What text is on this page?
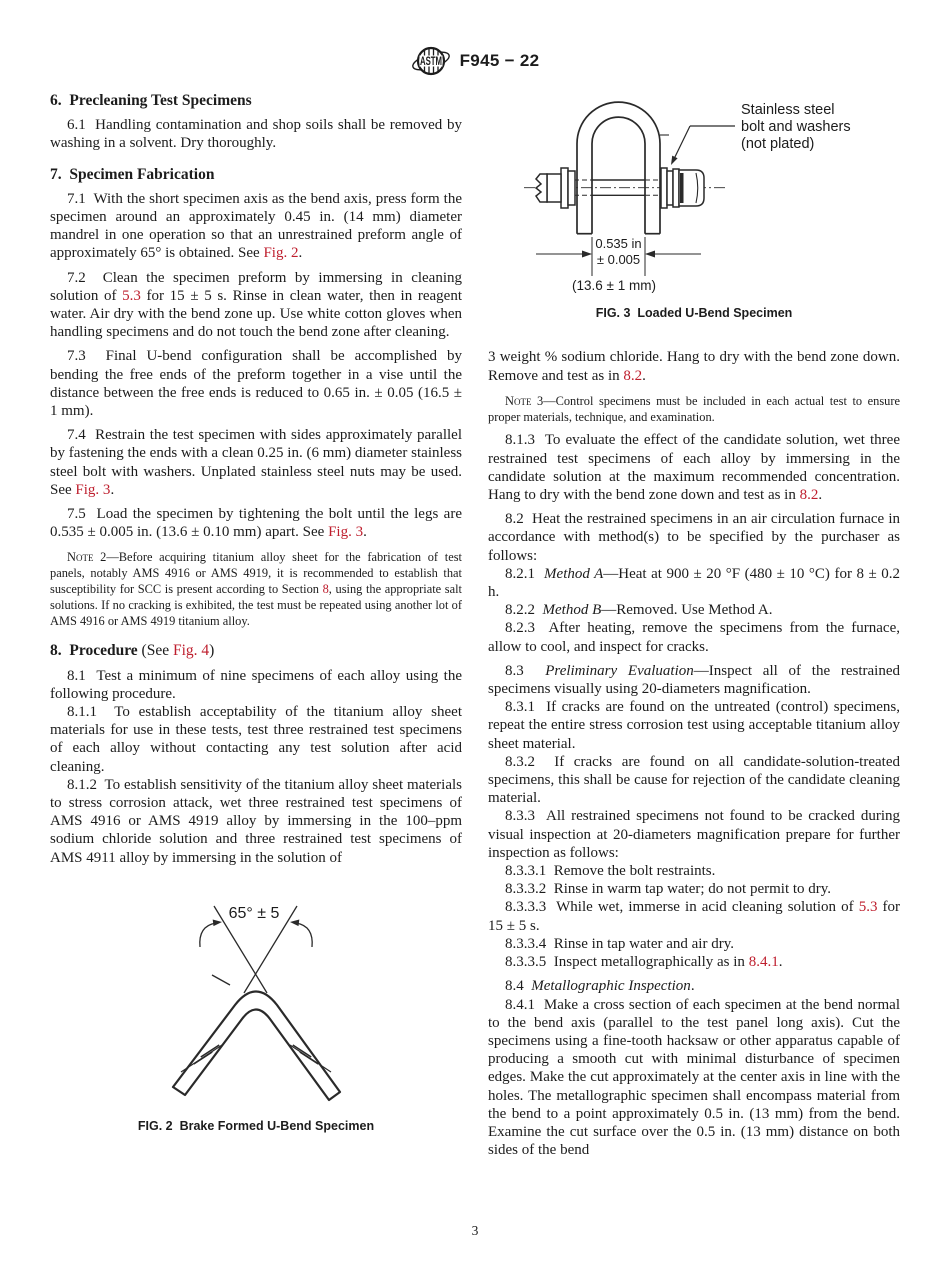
ASTM F945 − 22
6.  Precleaning Test Specimens

6.1  Handling contamination and shop soils shall be removed by washing in a solvent. Dry thoroughly.

7.  Specimen Fabrication

7.1  With the short specimen axis as the bend axis, press form the specimen around an approximately 0.45 in. (14 mm) diameter mandrel in one operation so that an unrestrained preform angle of approximately 65° is obtained. See Fig. 2.

7.2  Clean the specimen preform by immersing in cleaning solution of 5.3 for 15 ± 5 s. Rinse in clean water, then in reagent water. Air dry with the bend zone up. Use white cotton gloves when handling specimens and do not touch the bend zone after cleaning.

7.3  Final U-bend configuration shall be accomplished by bending the free ends of the preform together in a vise until the distance between the free ends is reduced to 0.65 in. ± 0.05 (16.5 ± 1 mm).

7.4  Restrain the test specimen with sides approximately parallel by fastening the ends with a clean 0.25 in. (6 mm) diameter stainless steel bolt with washers. Unplated stainless steel nuts may be used. See Fig. 3.

7.5  Load the specimen by tightening the bolt until the legs are 0.535 ± 0.005 in. (13.6 ± 0.10 mm) apart. See Fig. 3.

Note 2—Before acquiring titanium alloy sheet for the fabrication of test panels, notably AMS 4916 or AMS 4919, it is recommended to establish that susceptibility for SCC is present according to Section 8, using the appropriate salt solutions. If no cracking is exhibited, the test must be repeated using another lot of AMS 4916 or AMS 4919 titanium alloy.

8.  Procedure (See Fig. 4)

8.1  Test a minimum of nine specimens of each alloy using the following procedure.

8.1.1  To establish acceptability of the titanium alloy sheet materials for use in these tests, test three restrained test specimens of each alloy without contacting any test solution after acid cleaning.

8.1.2  To establish sensitivity of the titanium alloy sheet materials to stress corrosion attack, wet three restrained test specimens of AMS 4916 or AMS 4919 alloy by immersing in the 100–ppm sodium chloride solution and three restrained test specimens of AMS 4911 alloy by immersing in the solution of

65° ± 5
FIG. 2  Brake Formed U-Bend Specimen
Stainless steel
bolt and washers
(not plated)
0.535 in
± 0.005
(13.6 ± 1 mm)
FIG. 3  Loaded U-Bend Specimen

3 weight % sodium chloride. Hang to dry with the bend zone down. Remove and test as in 8.2.

Note 3—Control specimens must be included in each actual test to ensure proper materials, technique, and examination.

8.1.3  To evaluate the effect of the candidate solution, wet three restrained test specimens of each alloy by immersing in the candidate solution at the maximum recommended concentration. Hang to dry with the bend zone down and test as in 8.2.

8.2  Heat the restrained specimens in an air circulation furnace in accordance with method(s) to be specified by the purchaser as follows:

8.2.1  Method A—Heat at 900 ± 20 °F (480 ± 10 °C) for 8 ± 0.2 h.

8.2.2  Method B—Removed. Use Method A.

8.2.3  After heating, remove the specimens from the furnace, allow to cool, and inspect for cracks.

8.3  Preliminary Evaluation—Inspect all of the restrained specimens visually using 20-diameters magnification.

8.3.1  If cracks are found on the untreated (control) specimens, repeat the entire stress corrosion test using acceptable titanium alloy sheet material.

8.3.2  If cracks are found on all candidate-solution-treated specimens, this shall be cause for rejection of the candidate cleaning material.

8.3.3  All restrained specimens not found to be cracked during visual inspection at 20-diameters magnification prepare for further inspection as follows:

8.3.3.1  Remove the bolt restraints.

8.3.3.2  Rinse in warm tap water; do not permit to dry.

8.3.3.3  While wet, immerse in acid cleaning solution of 5.3 for 15 ± 5 s.

8.3.3.4  Rinse in tap water and air dry.

8.3.3.5  Inspect metallographically as in 8.4.1.

8.4  Metallographic Inspection.

8.4.1  Make a cross section of each specimen at the bend normal to the bend axis (parallel to the test panel long axis). Cut the specimens using a fine-tooth hacksaw or other apparatus capable of producing a smooth cut with minimal disturbance of specimen edges. Make the cut approximately at the center axis in line with the holes. The metallographic specimen shall encompass material from the bend to a point approximately 0.5 in. (13 mm) from the bend. Examine the cut surface over the 0.5 in. (13 mm) distance on both sides of the bend

3
